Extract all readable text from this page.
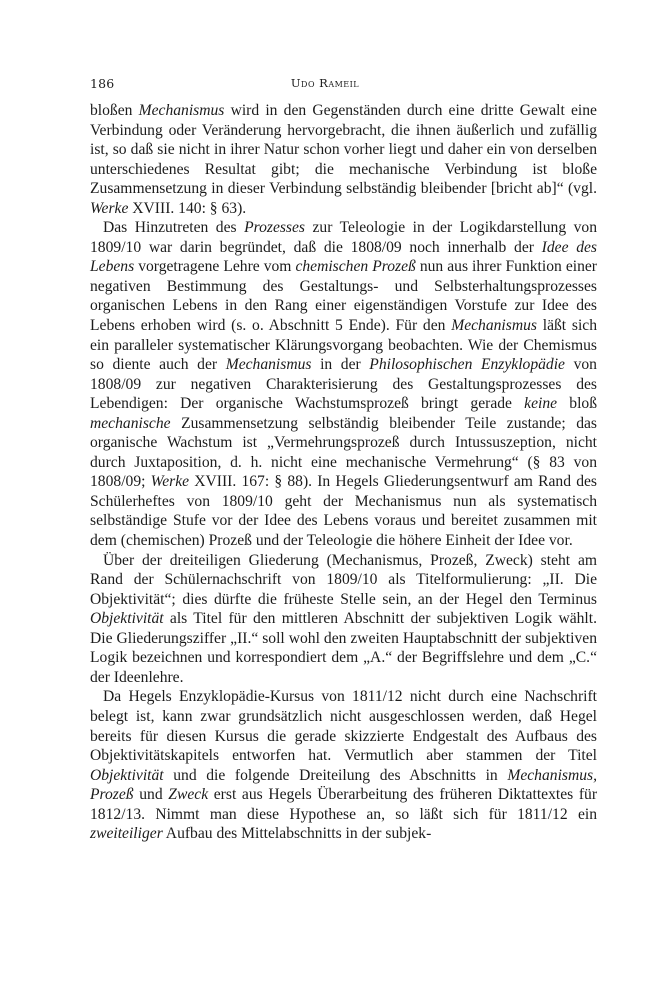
186	Udo Rameil

bloßen Mechanismus wird in den Gegenständen durch eine dritte Gewalt eine Verbindung oder Veränderung hervorgebracht, die ihnen äußerlich und zufällig ist, so daß sie nicht in ihrer Natur schon vorher liegt und daher ein von derselben unterschiedenes Resultat gibt; die mechanische Verbindung ist bloße Zusammensetzung in dieser Verbindung selbständig bleibender [bricht ab]“ (vgl. Werke XVIII. 140: § 63).

Das Hinzutreten des Prozesses zur Teleologie in der Logikdarstellung von 1809/10 war darin begründet, daß die 1808/09 noch innerhalb der Idee des Lebens vorgetragene Lehre vom chemischen Prozeß nun aus ihrer Funktion einer negativen Bestimmung des Gestaltungs- und Selbsterhaltungsprozesses organischen Lebens in den Rang einer eigenständigen Vorstufe zur Idee des Lebens erhoben wird (s. o. Abschnitt 5 Ende). Für den Mechanismus läßt sich ein paralleler systematischer Klärungsvorgang beobachten. Wie der Chemismus so diente auch der Mechanismus in der Philosophischen Enzyklopädie von 1808/09 zur negativen Charakterisierung des Gestaltungsprozesses des Lebendigen: Der organische Wachstumsprozeß bringt gerade keine bloß mechanische Zusammensetzung selbständig bleibender Teile zustande; das organische Wachstum ist „Vermehrungsprozeß durch Intussuszeption, nicht durch Juxtaposition, d. h. nicht eine mechanische Vermehrung“ (§ 83 von 1808/09; Werke XVIII. 167: § 88). In Hegels Gliederungsentwurf am Rand des Schülerheftes von 1809/10 geht der Mechanismus nun als systematisch selbständige Stufe vor der Idee des Lebens voraus und bereitet zusammen mit dem (chemischen) Prozeß und der Teleologie die höhere Einheit der Idee vor.

Über der dreiteiligen Gliederung (Mechanismus, Prozeß, Zweck) steht am Rand der Schülernachschrift von 1809/10 als Titelformulierung: „II. Die Objektivität“; dies dürfte die früheste Stelle sein, an der Hegel den Terminus Objektivität als Titel für den mittleren Abschnitt der subjektiven Logik wählt. Die Gliederungsziffer „II.“ soll wohl den zweiten Hauptabschnitt der subjektiven Logik bezeichnen und korrespondiert dem „A.“ der Begriffslehre und dem „C.“ der Ideenlehre.

Da Hegels Enzyklopädie-Kursus von 1811/12 nicht durch eine Nachschrift belegt ist, kann zwar grundsätzlich nicht ausgeschlossen werden, daß Hegel bereits für diesen Kursus die gerade skizzierte Endgestalt des Aufbaus des Objektivitätskapitels entworfen hat. Vermutlich aber stammen der Titel Objektivität und die folgende Dreiteilung des Abschnitts in Mechanismus, Prozeß und Zweck erst aus Hegels Überarbeitung des früheren Diktattextes für 1812/13. Nimmt man diese Hypothese an, so läßt sich für 1811/12 ein zweiteiliger Aufbau des Mittelabschnitts in der subjek-
